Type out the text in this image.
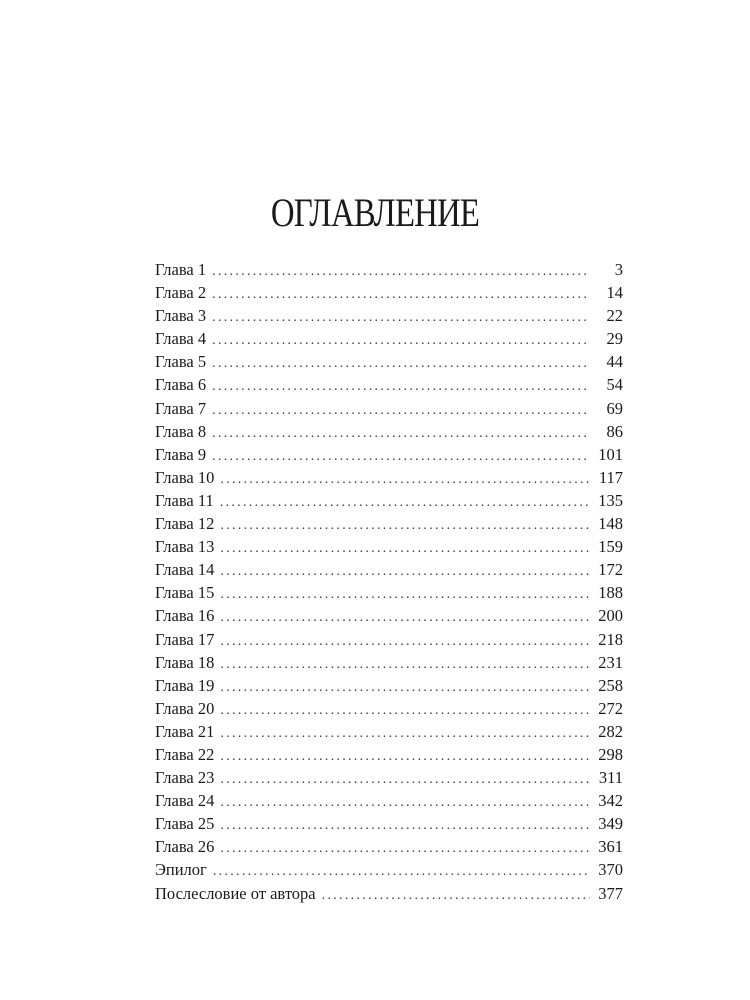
ОГЛАВЛЕНИЕ
Глава 1 . . .	3
Глава 2 . . .	14
Глава 3 . . .	22
Глава 4 . . .	29
Глава 5 . . .	44
Глава 6 . . .	54
Глава 7 . . .	69
Глава 8 . . .	86
Глава 9 . . .	101
Глава 10 . . .	117
Глава 11 . . .	135
Глава 12 . . .	148
Глава 13 . . .	159
Глава 14 . . .	172
Глава 15 . . .	188
Глава 16 . . .	200
Глава 17 . . .	218
Глава 18 . . .	231
Глава 19 . . .	258
Глава 20 . . .	272
Глава 21 . . .	282
Глава 22 . . .	298
Глава 23 . . .	311
Глава 24 . . .	342
Глава 25 . . .	349
Глава 26 . . .	361
Эпилог . . .	370
Послесловие от автора . . .	377
